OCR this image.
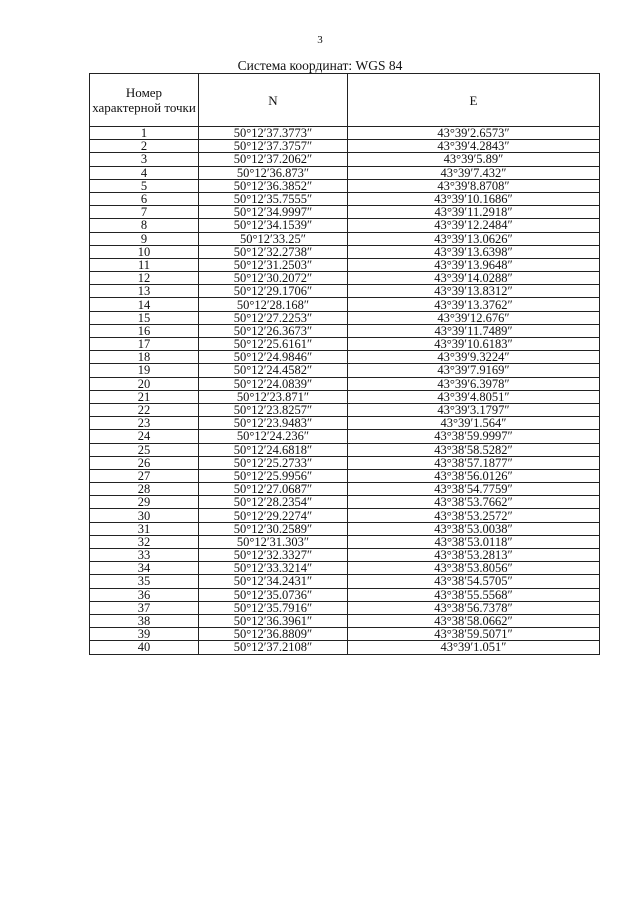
3
Система координат: WGS 84
Номер характерной точки	N	E
1	50°12′37.3773″	43°39′2.6573″
2	50°12′37.3757″	43°39′4.2843″
3	50°12′37.2062″	43°39′5.89″
4	50°12′36.873″	43°39′7.432″
5	50°12′36.3852″	43°39′8.8708″
6	50°12′35.7555″	43°39′10.1686″
7	50°12′34.9997″	43°39′11.2918″
8	50°12′34.1539″	43°39′12.2484″
9	50°12′33.25″	43°39′13.0626″
10	50°12′32.2738″	43°39′13.6398″
11	50°12′31.2503″	43°39′13.9648″
12	50°12′30.2072″	43°39′14.0288″
13	50°12′29.1706″	43°39′13.8312″
14	50°12′28.168″	43°39′13.3762″
15	50°12′27.2253″	43°39′12.676″
16	50°12′26.3673″	43°39′11.7489″
17	50°12′25.6161″	43°39′10.6183″
18	50°12′24.9846″	43°39′9.3224″
19	50°12′24.4582″	43°39′7.9169″
20	50°12′24.0839″	43°39′6.3978″
21	50°12′23.871″	43°39′4.8051″
22	50°12′23.8257″	43°39′3.1797″
23	50°12′23.9483″	43°39′1.564″
24	50°12′24.236″	43°38′59.9997″
25	50°12′24.6818″	43°38′58.5282″
26	50°12′25.2733″	43°38′57.1877″
27	50°12′25.9956″	43°38′56.0126″
28	50°12′27.0687″	43°38′54.7759″
29	50°12′28.2354″	43°38′53.7662″
30	50°12′29.2274″	43°38′53.2572″
31	50°12′30.2589″	43°38′53.0038″
32	50°12′31.303″	43°38′53.0118″
33	50°12′32.3327″	43°38′53.2813″
34	50°12′33.3214″	43°38′53.8056″
35	50°12′34.2431″	43°38′54.5705″
36	50°12′35.0736″	43°38′55.5568″
37	50°12′35.7916″	43°38′56.7378″
38	50°12′36.3961″	43°38′58.0662″
39	50°12′36.8809″	43°38′59.5071″
40	50°12′37.2108″	43°39′1.051″
